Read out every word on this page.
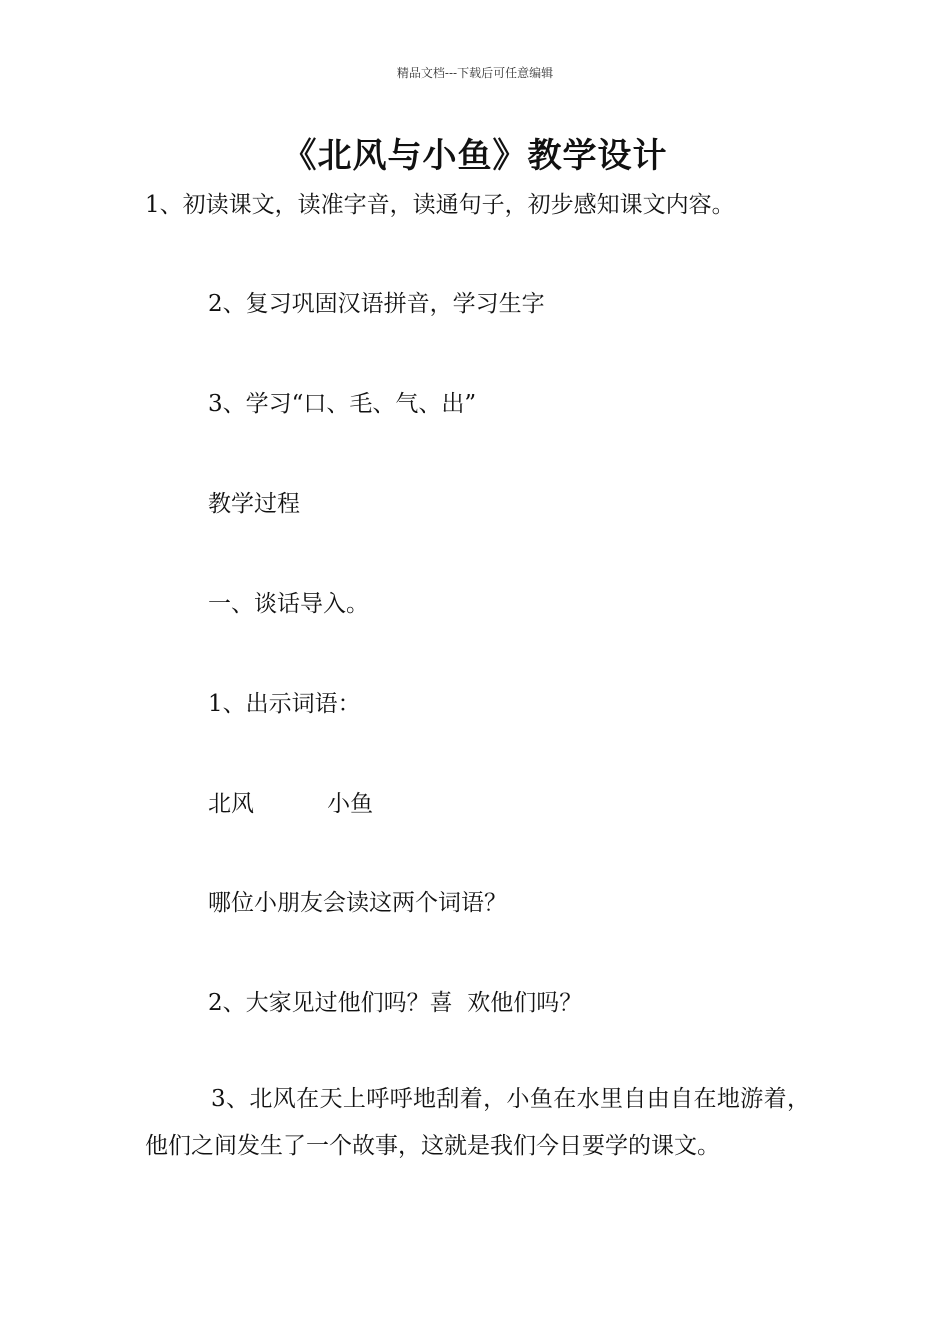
精品文档---下载后可任意编辑
《北风与小鱼》教学设计
1、初读课文，读准字音，读通句子，初步感知课文内容。
2、复习巩固汉语拼音，学习生字
3、学习“口、毛、气、出”
教学过程
一、谈话导入。
1、出示词语：
北风          小鱼
哪位小朋友会读这两个词语？
2、大家见过他们吗？喜  欢他们吗？
3、北风在天上呼呼地刮着，小鱼在水里自由自在地游着，他们之间发生了一个故事，这就是我们今日要学的课文。
